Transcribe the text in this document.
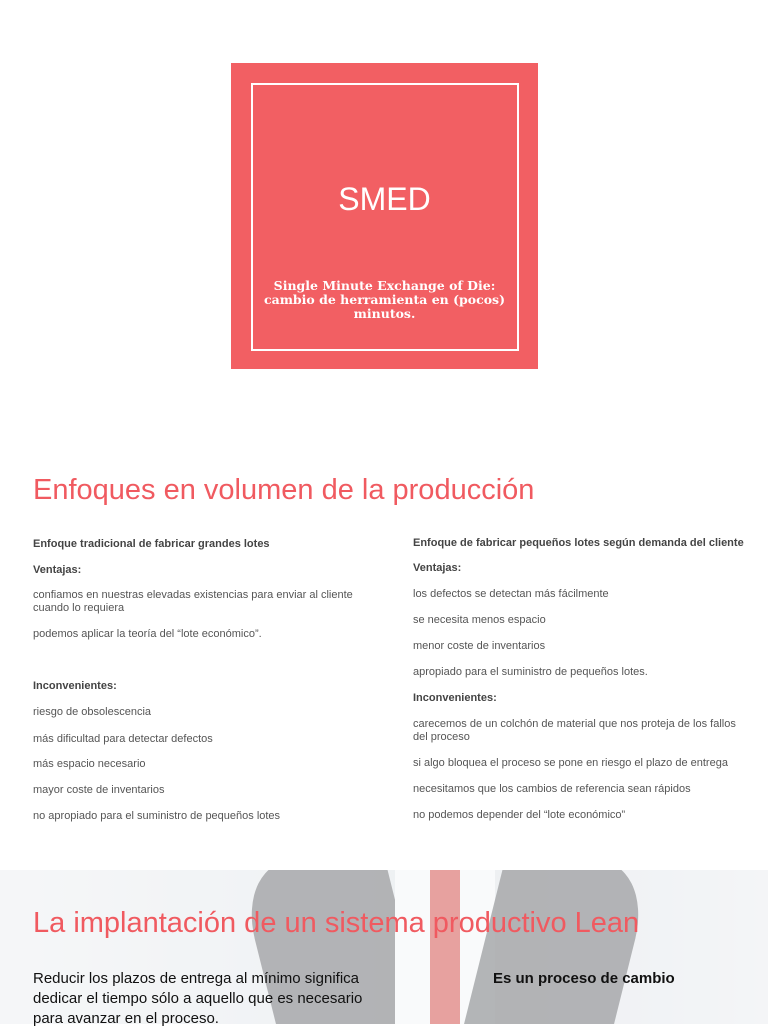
SMED
Single Minute Exchange of Die: cambio de herramienta en (pocos) minutos.
Enfoques en volumen de la producción
Enfoque tradicional de fabricar grandes lotes
Ventajas:
confiamos en nuestras elevadas existencias para enviar al cliente cuando lo requiera
podemos aplicar la teoría del “lote económico”.
Inconvenientes:
riesgo de obsolescencia
más dificultad para detectar defectos
más espacio necesario
mayor coste de inventarios
no apropiado para el suministro de pequeños lotes
Enfoque de fabricar pequeños lotes según demanda del cliente
Ventajas:
los defectos se detectan más fácilmente
se necesita menos espacio
menor coste de inventarios
apropiado para el suministro de pequeños lotes.
Inconvenientes:
carecemos de un colchón de material que nos proteja de los fallos del proceso
si algo bloquea el proceso se pone en riesgo el plazo de entrega
necesitamos que los cambios de referencia sean rápidos
no podemos depender del “lote económico”
La implantación de un sistema productivo Lean
Reducir los plazos de entrega al mínimo significa dedicar el tiempo sólo a aquello que es necesario para avanzar en el proceso.
Es un proceso de cambio
